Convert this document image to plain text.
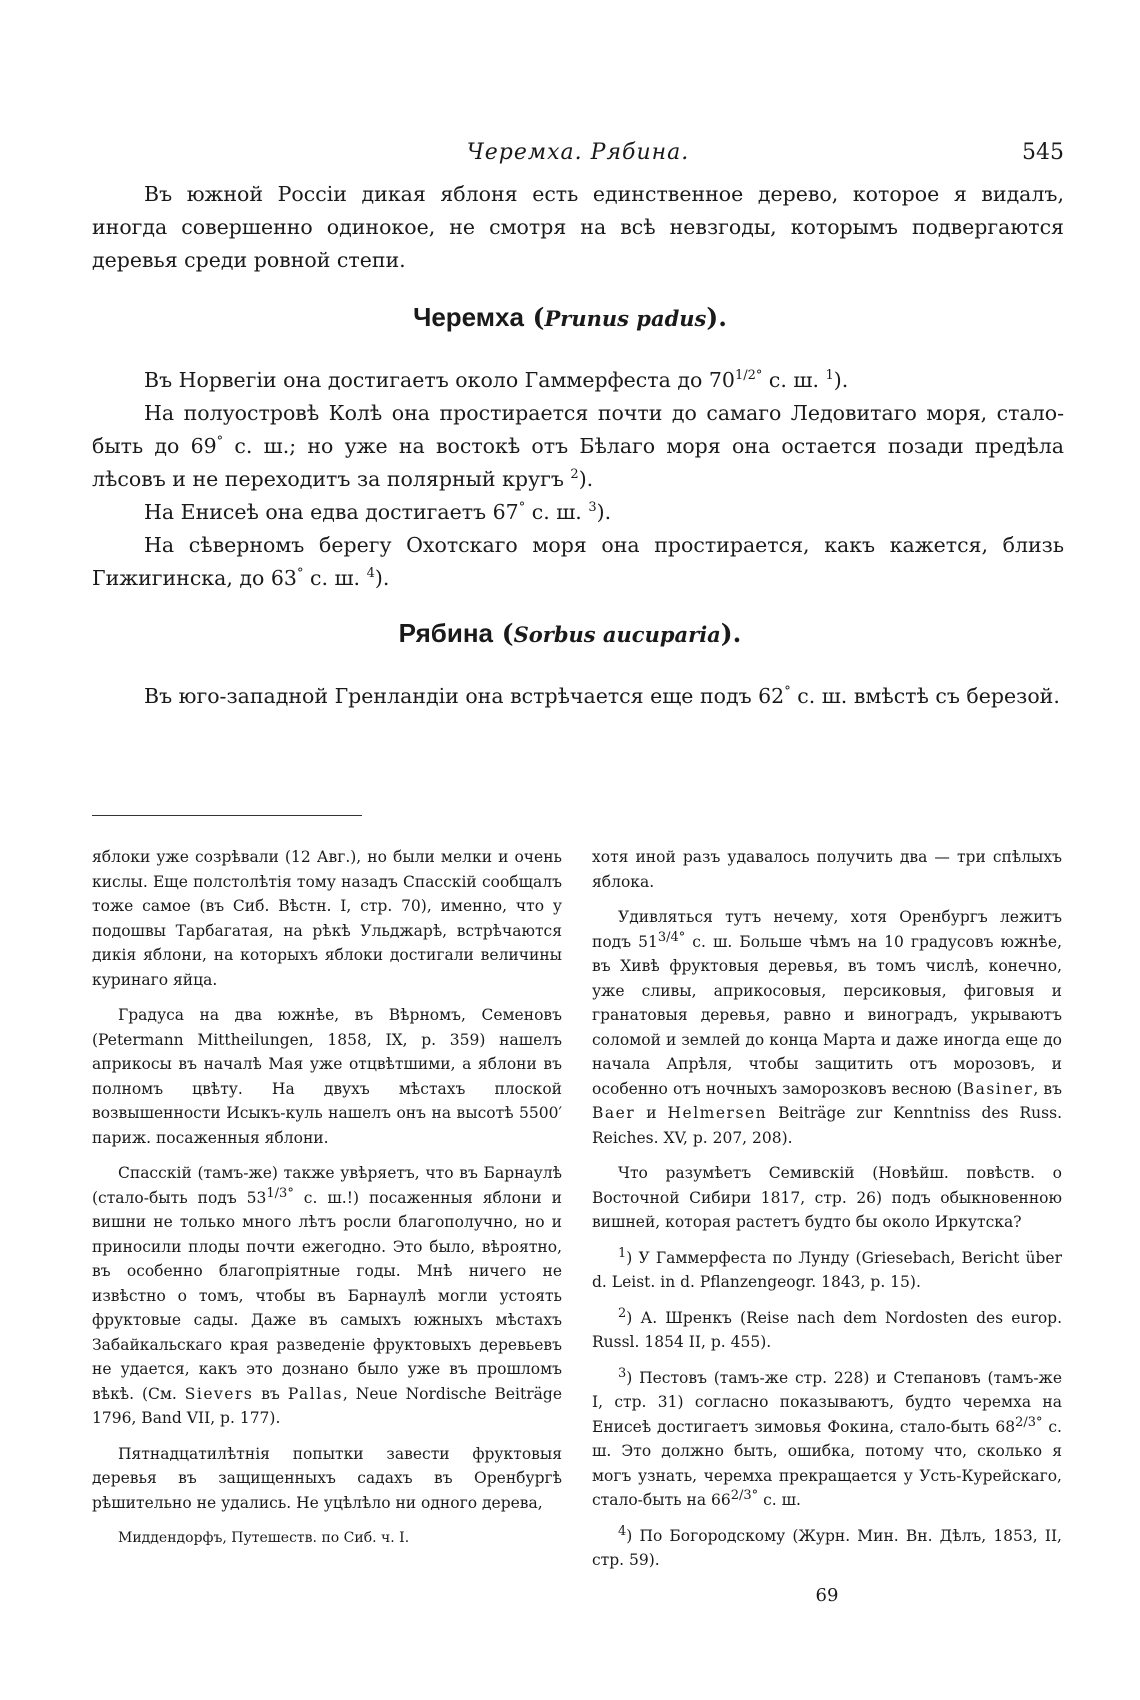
Черемха. Рябина.	545

Въ южной Россіи дикая яблоня есть единственное дерево, которое я видалъ, иногда совершенно одинокое, не смотря на всѣ невзгоды, которымъ подвергаются деревья среди ровной степи.

Черемха (Prunus padus).

Въ Норвегіи она достигаетъ около Гаммерфеста до $70^{1/2^\circ}$ с. ш. $^1$).

На полуостровѣ Колѣ она простирается почти до самаго Ледовитаго моря, стало-быть до 69° с. ш.; но уже на востокѣ отъ Бѣлаго моря она остается позади предѣла лѣсовъ и не переходитъ за полярный кругъ $^2$).

На Енисеѣ она едва достигаетъ 67° с. ш. $^3$).

На сѣверномъ берегу Охотскаго моря она простирается, какъ кажется, близь Гижигинска, до 63° с. ш. $^4$).

Рябина (Sorbus aucuparia).

Въ юго-западной Гренландіи она встрѣчается еще подъ 62° с. ш. вмѣстѣ съ березой.

яблоки уже созрѣвали (12 Авг.), но были мелки и очень кислы. Еще полстолѣтія тому назадъ Спасскій сообщалъ тоже самое (въ Сиб. Вѣстн. I, стр. 70), именно, что у подошвы Тарбагатая, на рѣкѣ Ульджарѣ, встрѣчаются дикія яблони, на которыхъ яблоки достигали величины куринаго яйца.

Градуса на два южнѣе, въ Вѣрномъ, Семеновъ (Petermann Mittheilungen, 1858, IX, p. 359) нашелъ априкосы въ началѣ Мая уже отцвѣтшими, а яблони въ полномъ цвѣту. На двухъ мѣстахъ плоской возвышенности Исыкъ-куль нашелъ онъ на высотѣ 5500′ париж. посаженныя яблони.

Спасскій (тамъ-же) также увѣряетъ, что въ Барнаулѣ (стало-быть подъ $53^{1/3^\circ}$ с. ш.!) посаженныя яблони и вишни не только много лѣтъ росли благополучно, но и приносили плоды почти ежегодно. Это было, вѣроятно, въ особенно благопріятные годы. Мнѣ ничего не извѣстно о томъ, чтобы въ Барнаулѣ могли устоять фруктовые сады. Даже въ самыхъ южныхъ мѣстахъ Забайкальскаго края разведеніе фруктовыхъ деревьевъ не удается, какъ это дознано было уже въ прошломъ вѣкѣ. (См. Sievers въ Pallas, Neue Nordische Beiträge 1796, Band VII, p. 177).

Пятнадцатилѣтнія попытки завести фруктовыя деревья въ защищенныхъ садахъ въ Оренбургѣ рѣшительно не удались. Не уцѣлѣло ни одного дерева,

Миддендорфъ, Путешеств. по Сиб. ч. I.

хотя иной разъ удавалось получить два — три спѣлыхъ яблока.

Удивляться тутъ нечему, хотя Оренбургъ лежитъ подъ $51^{3/4^\circ}$ с. ш. Больше чѣмъ на 10 градусовъ южнѣе, въ Хивѣ фруктовыя деревья, въ томъ числѣ, конечно, уже сливы, априкосовыя, персиковыя, фиговыя и гранатовыя деревья, равно и виноградъ, укрываютъ соломой и землей до конца Марта и даже иногда еще до начала Апрѣля, чтобы защитить отъ морозовъ, и особенно отъ ночныхъ заморозковъ весною (Basiner, въ Baer и Helmersen Beiträge zur Kenntniss des Russ. Reiches. XV, p. 207, 208).

Что разумѣетъ Семивскій (Новѣйш. повѣств. о Восточной Сибири 1817, стр. 26) подъ обыкновенною вишней, которая растетъ будто бы около Иркутска?

$^1$) У Гаммерфеста по Лунду (Griesebach, Bericht über d. Leist. in d. Pflanzengeogr. 1843, p. 15).

$^2$) А. Шренкъ (Reise nach dem Nordosten des europ. Russl. 1854 II, p. 455).

$^3$) Пестовъ (тамъ-же стр. 228) и Степановъ (тамъ-же I, стр. 31) согласно показываютъ, будто черемха на Енисеѣ достигаетъ зимовья Фокина, стало-быть $68^{2/3^\circ}$ с. ш. Это должно быть, ошибка, потому что, сколько я могъ узнать, черемха прекращается у Усть-Курейскаго, стало-быть на $66^{2/3^\circ}$ с. ш.

$^4$) По Богородскому (Журн. Мин. Вн. Дѣлъ, 1853, II, стр. 59).

69
